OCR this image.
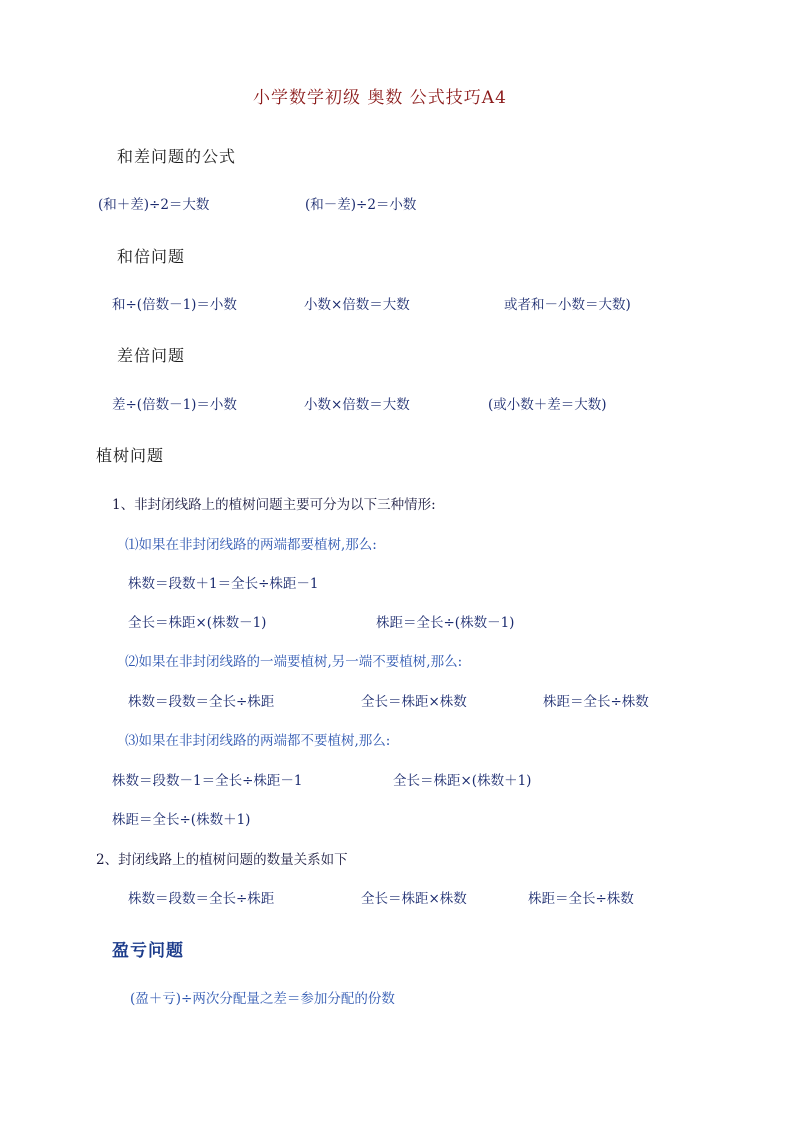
小学数学初级 奥数 公式技巧A4
和差问题的公式
(和＋差)÷2＝大数	(和－差)÷2＝小数
和倍问题
和÷(倍数－1)＝小数	小数×倍数＝大数	或者和－小数＝大数)
差倍问题
差÷(倍数－1)＝小数	小数×倍数＝大数	(或小数＋差＝大数)
植树问题
1、非封闭线路上的植树问题主要可分为以下三种情形:
⑴如果在非封闭线路的两端都要植树,那么:
株数＝段数＋1＝全长÷株距－1
全长＝株距×(株数－1)	株距＝全长÷(株数－1)
⑵如果在非封闭线路的一端要植树,另一端不要植树,那么:
株数＝段数＝全长÷株距	全长＝株距×株数	株距＝全长÷株数
⑶如果在非封闭线路的两端都不要植树,那么:
株数＝段数－1＝全长÷株距－1	全长＝株距×(株数＋1)
株距＝全长÷(株数＋1)
2、封闭线路上的植树问题的数量关系如下
株数＝段数＝全长÷株距	全长＝株距×株数	株距＝全长÷株数
盈亏问题
(盈＋亏)÷两次分配量之差＝参加分配的份数
